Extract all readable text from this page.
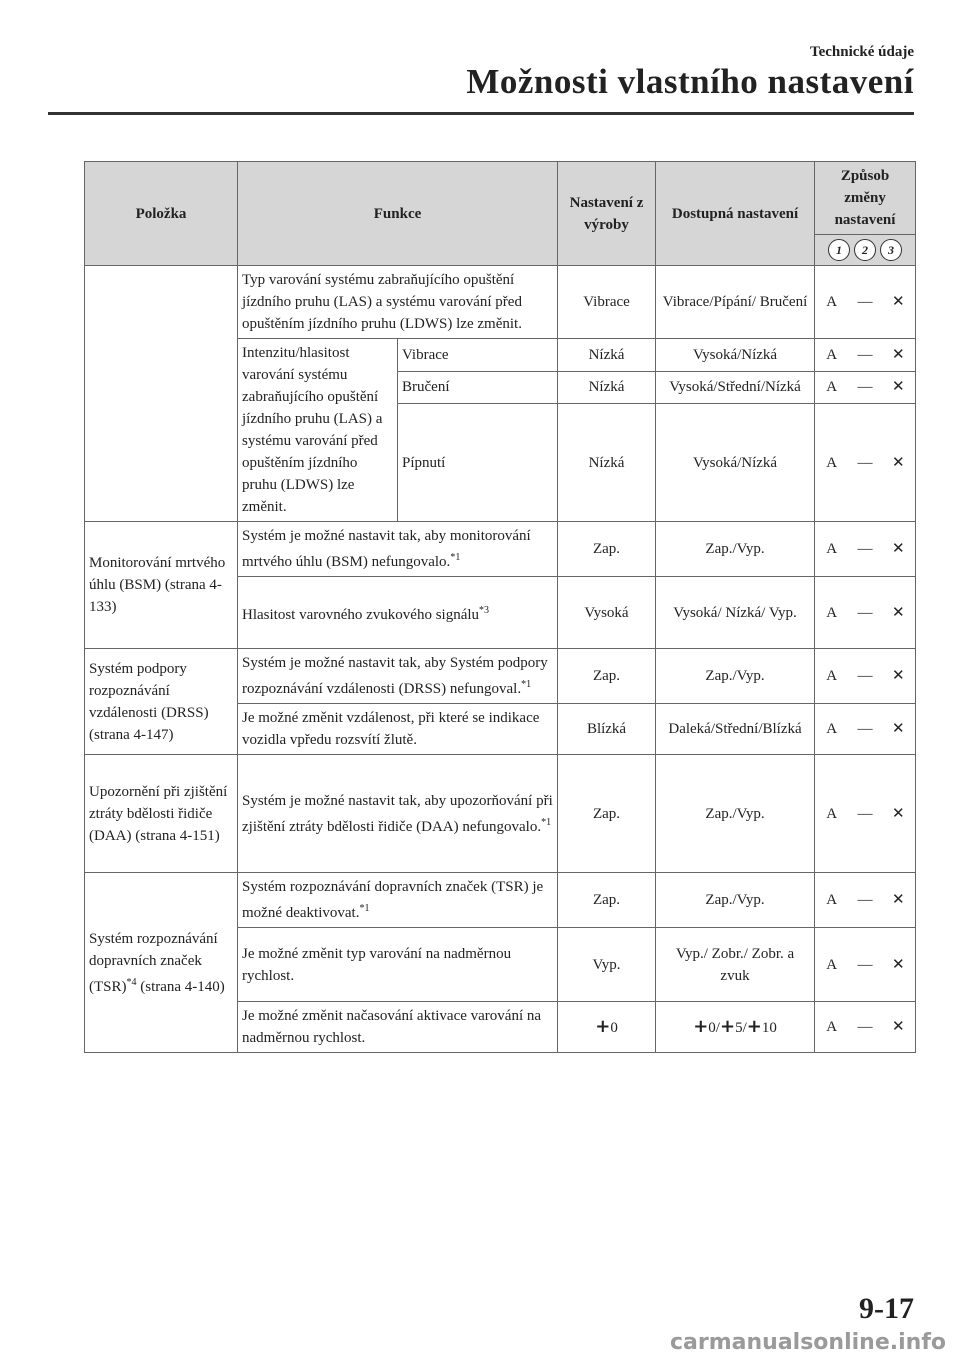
Technické údaje
Možnosti vlastního nastavení
Položka	Funkce		Nastavení z výroby	Dostupná nastavení	Způsob změny nastavení
					1 2 3
	Typ varování systému zabraňujícího opuštění jízdního pruhu (LAS) a systému varování před opuštěním jízdního pruhu (LDWS) lze změnit.		Vibrace	Vibrace/Pípání/ Bručení	A — ✕

	Intenzitu/hlasitost varování systému zabraňujícího opuštění jízdního pruhu (LAS) a systému varování před opuštěním jízdního pruhu (LDWS) lze změnit.	Vibrace	Nízká	Vysoká/Nízká	A — ✕

		Bručení	Nízká	Vysoká/Střední/Nízká	A — ✕

		Pípnutí	Nízká	Vysoká/Nízká	A — ✕

Monitorování mrtvého úhlu (BSM) (strana 4-133)	Systém je možné nastavit tak, aby monitorování mrtvého úhlu (BSM) nefungovalo.$^{*1}$		Zap.	Zap./Vyp.	A — ✕

	Hlasitost varovného zvukového signálu$^{*3}$		Vysoká	Vysoká/ Nízká/ Vyp.	A — ✕

Systém podpory rozpoznávání vzdálenosti (DRSS) (strana 4-147)	Systém je možné nastavit tak, aby Systém podpory rozpoznávání vzdálenosti (DRSS) nefungoval.$^{*1}$		Zap.	Zap./Vyp.	A — ✕

	Je možné změnit vzdálenost, při které se indikace vozidla vpředu rozsvítí žlutě.		Blízká	Daleká/Střední/Blízká	A — ✕

Upozornění při zjištění ztráty bdělosti řidiče (DAA) (strana 4-151)	Systém je možné nastavit tak, aby upozorňování při zjištění ztráty bdělosti řidiče (DAA) nefungovalo.$^{*1}$		Zap.	Zap./Vyp.	A — ✕

Systém rozpoznávání dopravních značek (TSR)$^{*4}$ (strana 4-140)	Systém rozpoznávání dopravních značek (TSR) je možné deaktivovat.$^{*1}$		Zap.	Zap./Vyp.	A — ✕

	Je možné změnit typ varování na nadměrnou rychlost.		Vyp.	Vyp./ Zobr./ Zobr. a zvuk	A — ✕

	Je možné změnit načasování aktivace varování na nadměrnou rychlost.		+0	+0/+5/+10	A — ✕
9-17
carmanualsonline.info
